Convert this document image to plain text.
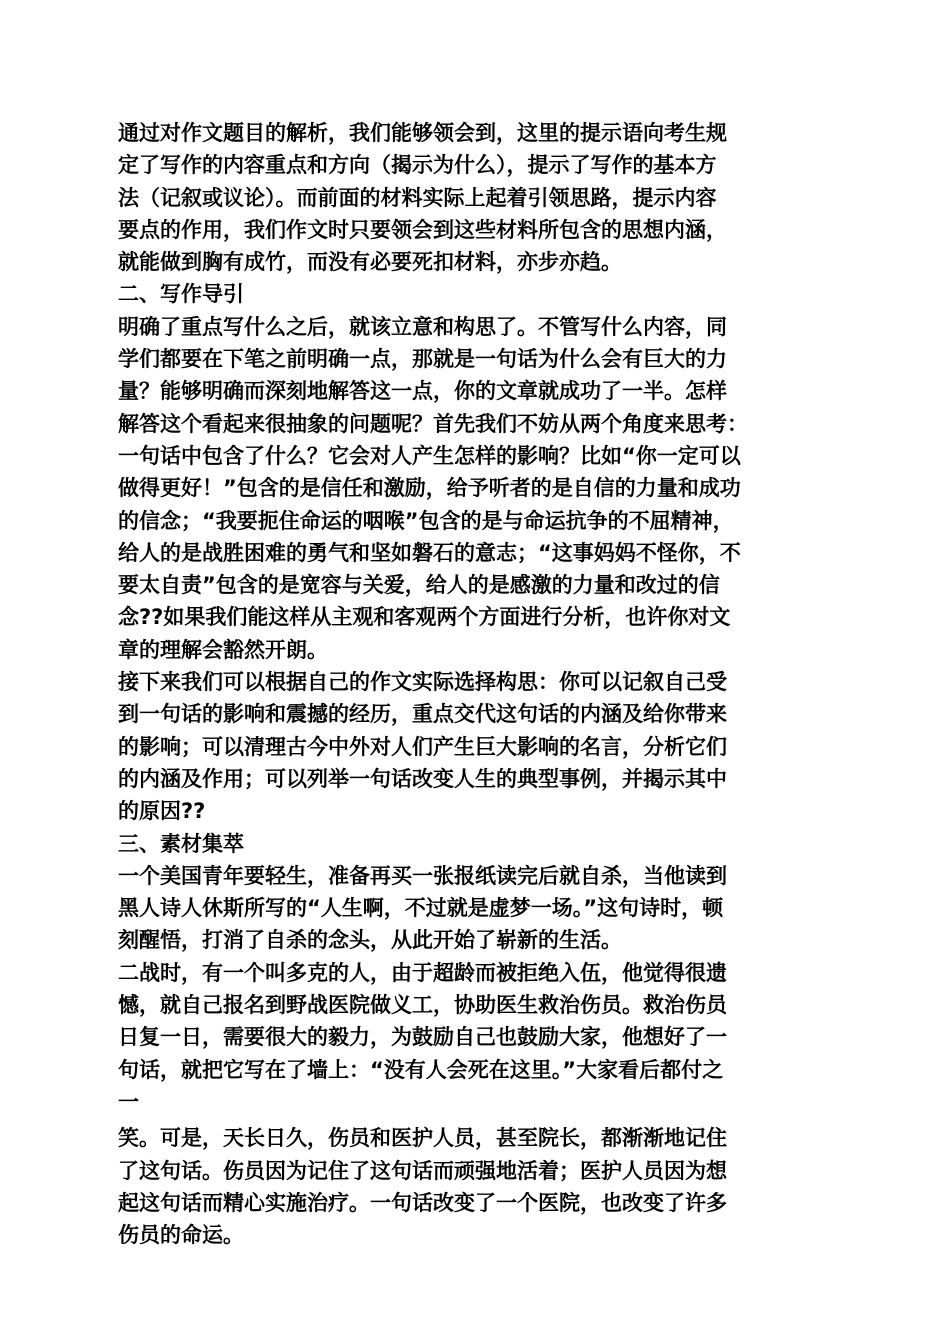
通过对作文题目的解析，我们能够领会到，这里的提示语向考生规
定了写作的内容重点和方向（揭示为什么），提示了写作的基本方
法（记叙或议论）。而前面的材料实际上起着引领思路，提示内容
要点的作用，我们作文时只要领会到这些材料所包含的思想内涵，
就能做到胸有成竹，而没有必要死扣材料，亦步亦趋。
二、写作导引
明确了重点写什么之后，就该立意和构思了。不管写什么内容，同
学们都要在下笔之前明确一点，那就是一句话为什么会有巨大的力
量？能够明确而深刻地解答这一点，你的文章就成功了一半。怎样
解答这个看起来很抽象的问题呢？首先我们不妨从两个角度来思考：
一句话中包含了什么？它会对人产生怎样的影响？比如“你一定可以
做得更好！”包含的是信任和激励，给予听者的是自信的力量和成功
的信念；“我要扼住命运的咽喉”包含的是与命运抗争的不屈精神，
给人的是战胜困难的勇气和坚如磐石的意志；“这事妈妈不怪你，不
要太自责”包含的是宽容与关爱，给人的是感激的力量和改过的信
念??如果我们能这样从主观和客观两个方面进行分析，也许你对文
章的理解会豁然开朗。
接下来我们可以根据自己的作文实际选择构思：你可以记叙自己受
到一句话的影响和震撼的经历，重点交代这句话的内涵及给你带来
的影响；可以清理古今中外对人们产生巨大影响的名言，分析它们
的内涵及作用；可以列举一句话改变人生的典型事例，并揭示其中
的原因??
三、素材集萃
一个美国青年要轻生，准备再买一张报纸读完后就自杀，当他读到
黑人诗人休斯所写的“人生啊，不过就是虚梦一场。”这句诗时，顿
刻醒悟，打消了自杀的念头，从此开始了崭新的生活。
二战时，有一个叫多克的人，由于超龄而被拒绝入伍，他觉得很遗
憾，就自己报名到野战医院做义工，协助医生救治伤员。救治伤员
日复一日，需要很大的毅力，为鼓励自己也鼓励大家，他想好了一
句话，就把它写在了墙上：“没有人会死在这里。”大家看后都付之
一
笑。可是，天长日久，伤员和医护人员，甚至院长，都渐渐地记住
了这句话。伤员因为记住了这句话而顽强地活着；医护人员因为想
起这句话而精心实施治疗。一句话改变了一个医院，也改变了许多
伤员的命运。
